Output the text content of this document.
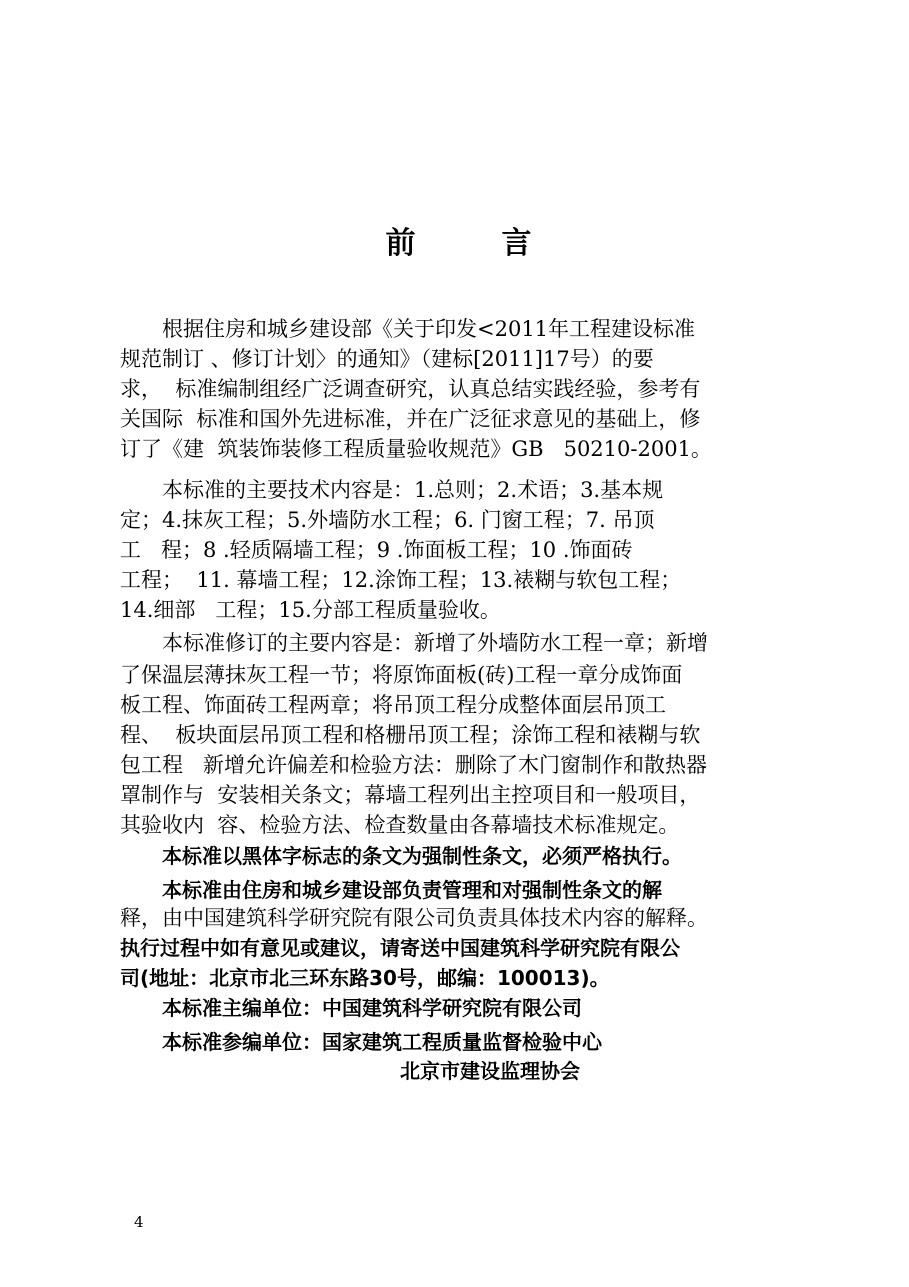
前	言
根据住房和城乡建设部《关于印发<2011年工程建设标准
规范制订 、修订计划〉的通知》（建标[2011]17号）的要
求，  标准编制组经广泛调查研究，认真总结实践经验，参考有
关国际  标准和国外先进标准，并在广泛征求意见的基础上，修
订了《建  筑装饰装修工程质量验收规范》GB   50210-2001。
本标准的主要技术内容是：1.总则；2.术语；3.基本规
定；4.抹灰工程；5.外墙防水工程；6. 门窗工程；7. 吊顶
工   程；8 .轻质隔墙工程；9 .饰面板工程；10 .饰面砖
工程；  11. 幕墙工程；12.涂饰工程；13.裱糊与软包工程；
14.细部   工程；15.分部工程质量验收。
本标准修订的主要内容是：新增了外墙防水工程一章；新增
了保温层薄抹灰工程一节；将原饰面板(砖)工程一章分成饰面
板工程、饰面砖工程两章；将吊顶工程分成整体面层吊顶工
程、  板块面层吊顶工程和格栅吊顶工程；涂饰工程和裱糊与软
包工程   新增允许偏差和检验方法：删除了木门窗制作和散热器
罩制作与  安装相关条文；幕墙工程列出主控项目和一般项目，
其验收内  容、检验方法、检查数量由各幕墙技术标准规定。
本标准以黑体字标志的条文为强制性条文，必须严格执行。
本标准由住房和城乡建设部负责管理和对强制性条文的解
释，由中国建筑科学研究院有限公司负责具体技术内容的解释。
执行过程中如有意见或建议，请寄送中国建筑科学研究院有限公
司(地址：北京市北三环东路30号，邮编：100013)。
本标准主编单位：中国建筑科学研究院有限公司
本标准参编单位：国家建筑工程质量监督检验中心
北京市建设监理协会
4
